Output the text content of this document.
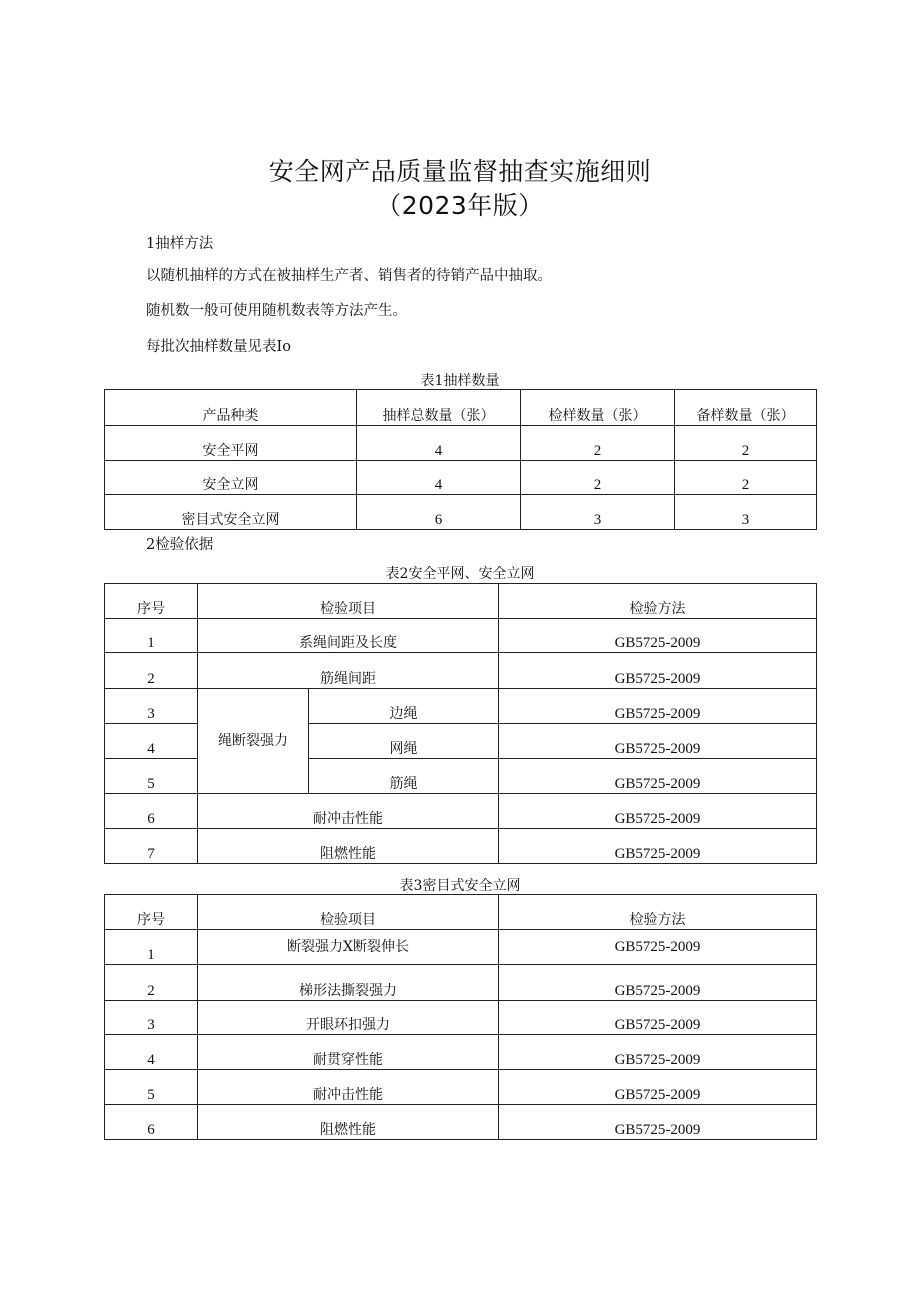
安全网产品质量监督抽查实施细则
（2023年版）
1抽样方法
以随机抽样的方式在被抽样生产者、销售者的待销产品中抽取。
随机数一般可使用随机数表等方法产生。
每批次抽样数量见表Io
表1抽样数量
产品种类	抽样总数量（张）	检样数量（张）	备样数量（张）
安全平网	4	2	2
安全立网	4	2	2
密目式安全立网	6	3	3
2检验依据
表2安全平网、安全立网
序号	检验项目		检验方法
1	系绳间距及长度		GB5725-2009
2	筋绳间距		GB5725-2009
3	绳断裂强力	边绳	GB5725-2009
4		网绳	GB5725-2009
5		筋绳	GB5725-2009
6	耐冲击性能		GB5725-2009
7	阻燃性能		GB5725-2009
表3密目式安全立网
序号	检验项目	检验方法
1	断裂强力X断裂伸长	GB5725-2009
2	梯形法撕裂强力	GB5725-2009
3	开眼环扣强力	GB5725-2009
4	耐贯穿性能	GB5725-2009
5	耐冲击性能	GB5725-2009
6	阻燃性能	GB5725-2009
